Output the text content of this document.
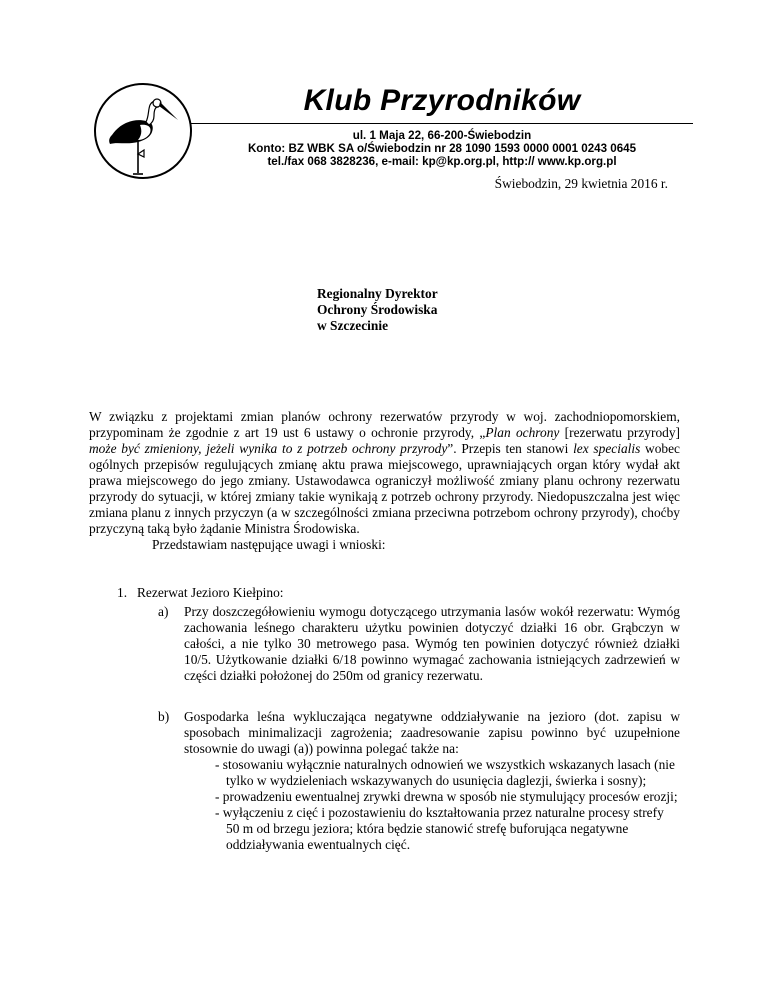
Klub Przyrodników
ul. 1 Maja 22, 66-200-Świebodzin
Konto: BZ WBK SA o/Świebodzin nr 28 1090 1593 0000 0001 0243 0645
tel./fax 068 3828236, e-mail: kp@kp.org.pl, http:// www.kp.org.pl
Świebodzin, 29 kwietnia 2016 r.
Regionalny Dyrektor
Ochrony Środowiska
w Szczecinie

W związku z projektami zmian planów ochrony rezerwatów przyrody w woj. zachodniopomorskiem, przypominam że zgodnie z art 19 ust 6 ustawy o ochronie przyrody, „Plan ochrony [rezerwatu przyrody] może być zmieniony, jeżeli wynika to z potrzeb ochrony przyrody”. Przepis ten stanowi lex specialis wobec ogólnych przepisów regulujących zmianę aktu prawa miejscowego, uprawniających organ który wydał akt prawa miejscowego do jego zmiany. Ustawodawca ograniczył możliwość zmiany planu ochrony rezerwatu przyrody do sytuacji, w której zmiany takie wynikają z potrzeb ochrony przyrody. Niedopuszczalna jest więc zmiana planu z innych przyczyn (a w szczególności zmiana przeciwna potrzebom ochrony przyrody), choćby przyczyną taką było żądanie Ministra Środowiska.

Przedstawiam następujące uwagi i wnioski:

1. Rezerwat Jezioro Kiełpino:
a) Przy doszczegółowieniu wymogu dotyczącego utrzymania lasów wokół rezerwatu: Wymóg zachowania leśnego charakteru użytku powinien dotyczyć działki 16 obr. Grąbczyn w całości, a nie tylko 30 metrowego pasa. Wymóg ten powinien dotyczyć również działki 10/5. Użytkowanie działki 6/18 powinno wymagać zachowania istniejących zadrzewień w części działki położonej do 250m od granicy rezerwatu.
b) Gospodarka leśna wykluczająca negatywne oddziaływanie na jezioro (dot. zapisu w sposobach minimalizacji zagrożenia; zaadresowanie zapisu powinno być uzupełnione stosownie do uwagi (a)) powinna polegać także na:
- stosowaniu wyłącznie naturalnych odnowień we wszystkich wskazanych lasach (nie tylko w wydzieleniach wskazywanych do usunięcia daglezji, świerka i sosny);
- prowadzeniu ewentualnej zrywki drewna w sposób nie stymulujący procesów erozji;
- wyłączeniu z cięć i pozostawieniu do kształtowania przez naturalne procesy strefy 50 m od brzegu jeziora; która będzie stanowić strefę buforująca negatywne oddziaływania ewentualnych cięć.
